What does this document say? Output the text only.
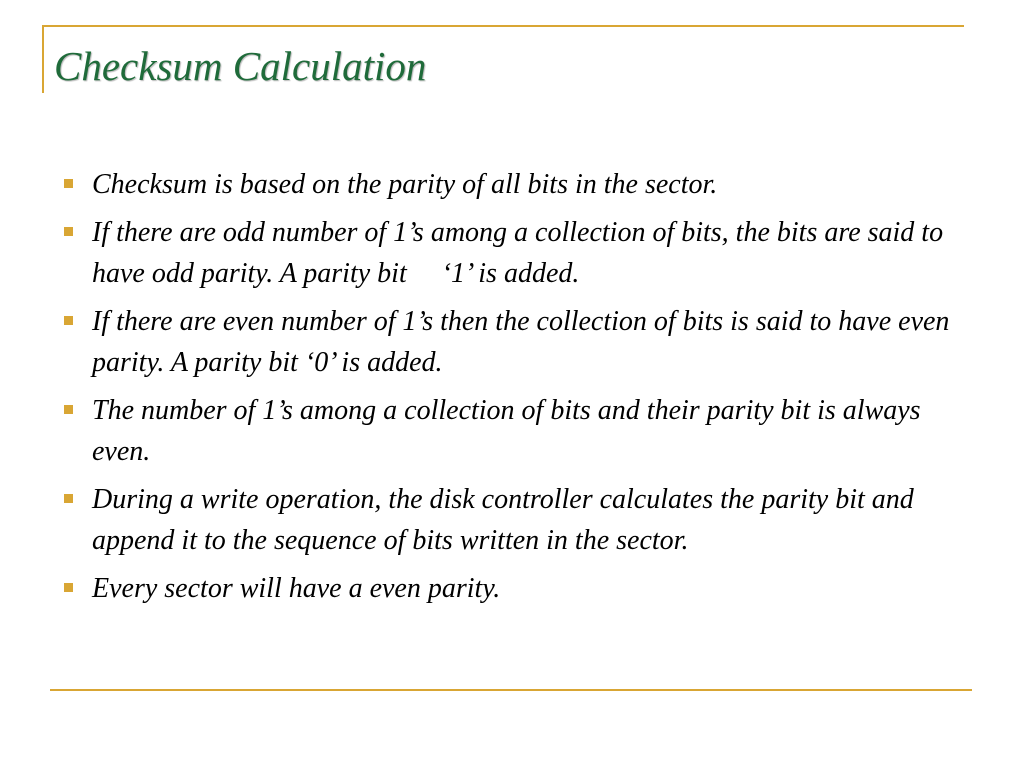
Checksum Calculation
Checksum is based on the parity of all bits in the sector.
If there are odd number of 1’s among a collection of bits, the bits are said to have odd parity. A parity bit     ‘1’ is added.
If there are even number of 1’s then the collection of bits is said to have even parity. A parity bit ‘0’ is added.
The number of 1’s among a collection of bits and their parity bit is always even.
During a write operation, the disk controller calculates the parity bit and append it to the sequence of bits written in the sector.
Every sector will have a even parity.
